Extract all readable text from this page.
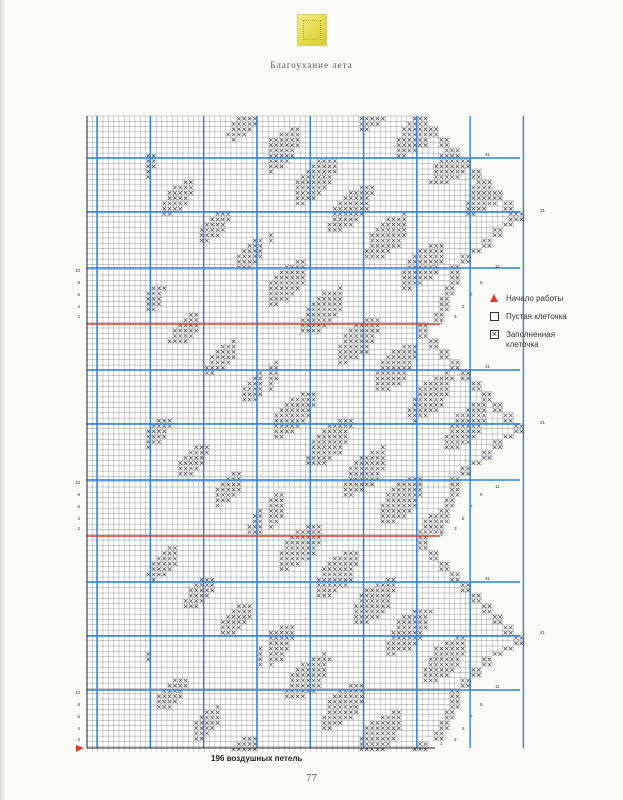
Благоухание лета
10
8
6
4
2
10
8
6
4
2
10
8
6
4
2
31
21
11
9
7
5
3
1
31
21
11
9
7
5
3
1
31
21
11
9
7
5
3
1
Начало работы
Пустая клеточка
× Заполненная клеточка
196 воздушных петель
77
